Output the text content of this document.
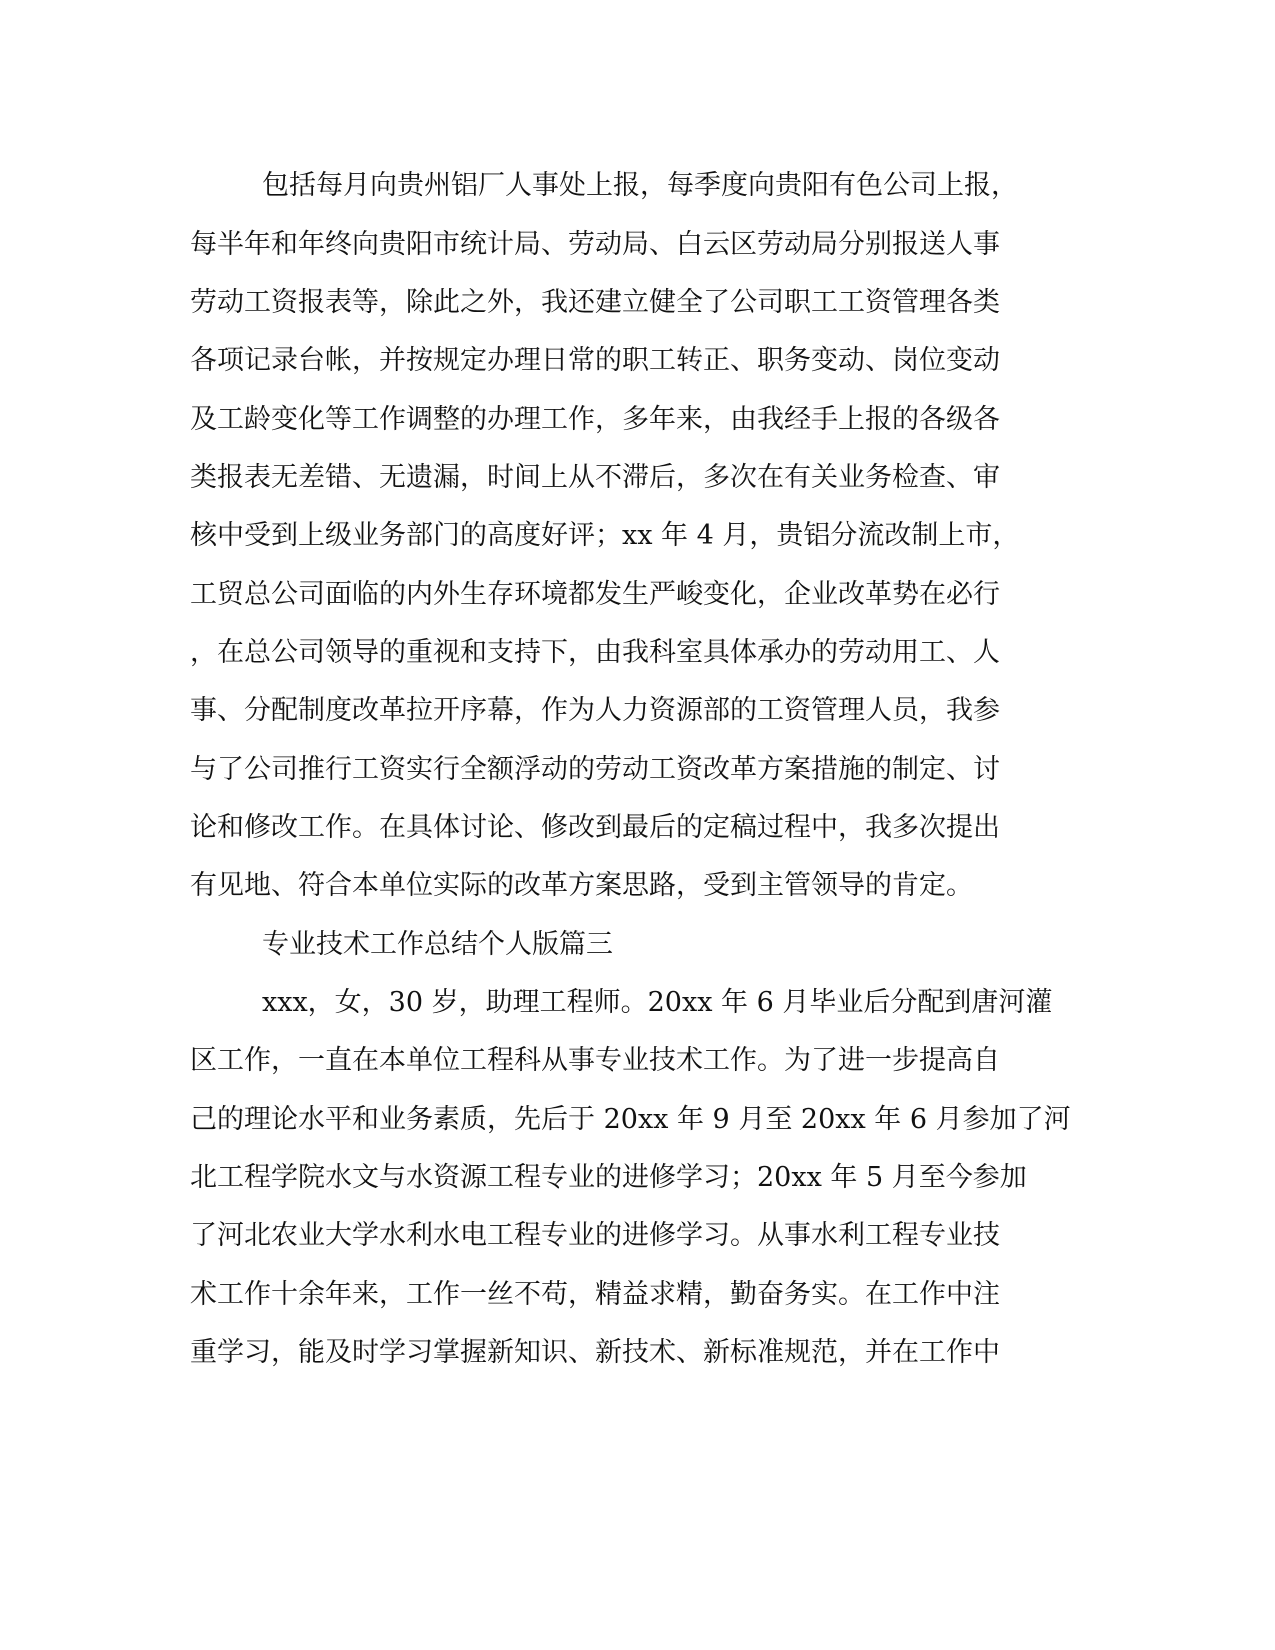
包括每月向贵州铝厂人事处上报，每季度向贵阳有色公司上报，
每半年和年终向贵阳市统计局、劳动局、白云区劳动局分别报送人事
劳动工资报表等，除此之外，我还建立健全了公司职工工资管理各类
各项记录台帐，并按规定办理日常的职工转正、职务变动、岗位变动
及工龄变化等工作调整的办理工作，多年来，由我经手上报的各级各
类报表无差错、无遗漏，时间上从不滞后，多次在有关业务检查、审
核中受到上级业务部门的高度好评；xx 年 4 月，贵铝分流改制上市，
工贸总公司面临的内外生存环境都发生严峻变化，企业改革势在必行
，在总公司领导的重视和支持下，由我科室具体承办的劳动用工、人
事、分配制度改革拉开序幕，作为人力资源部的工资管理人员，我参
与了公司推行工资实行全额浮动的劳动工资改革方案措施的制定、讨
论和修改工作。在具体讨论、修改到最后的定稿过程中，我多次提出
有见地、符合本单位实际的改革方案思路，受到主管领导的肯定。
专业技术工作总结个人版篇三
xxx，女，30 岁，助理工程师。20xx 年 6 月毕业后分配到唐河灌
区工作，一直在本单位工程科从事专业技术工作。为了进一步提高自
己的理论水平和业务素质，先后于 20xx 年 9 月至 20xx 年 6 月参加了河
北工程学院水文与水资源工程专业的进修学习；20xx 年 5 月至今参加
了河北农业大学水利水电工程专业的进修学习。从事水利工程专业技
术工作十余年来，工作一丝不苟，精益求精，勤奋务实。在工作中注
重学习，能及时学习掌握新知识、新技术、新标准规范，并在工作中
